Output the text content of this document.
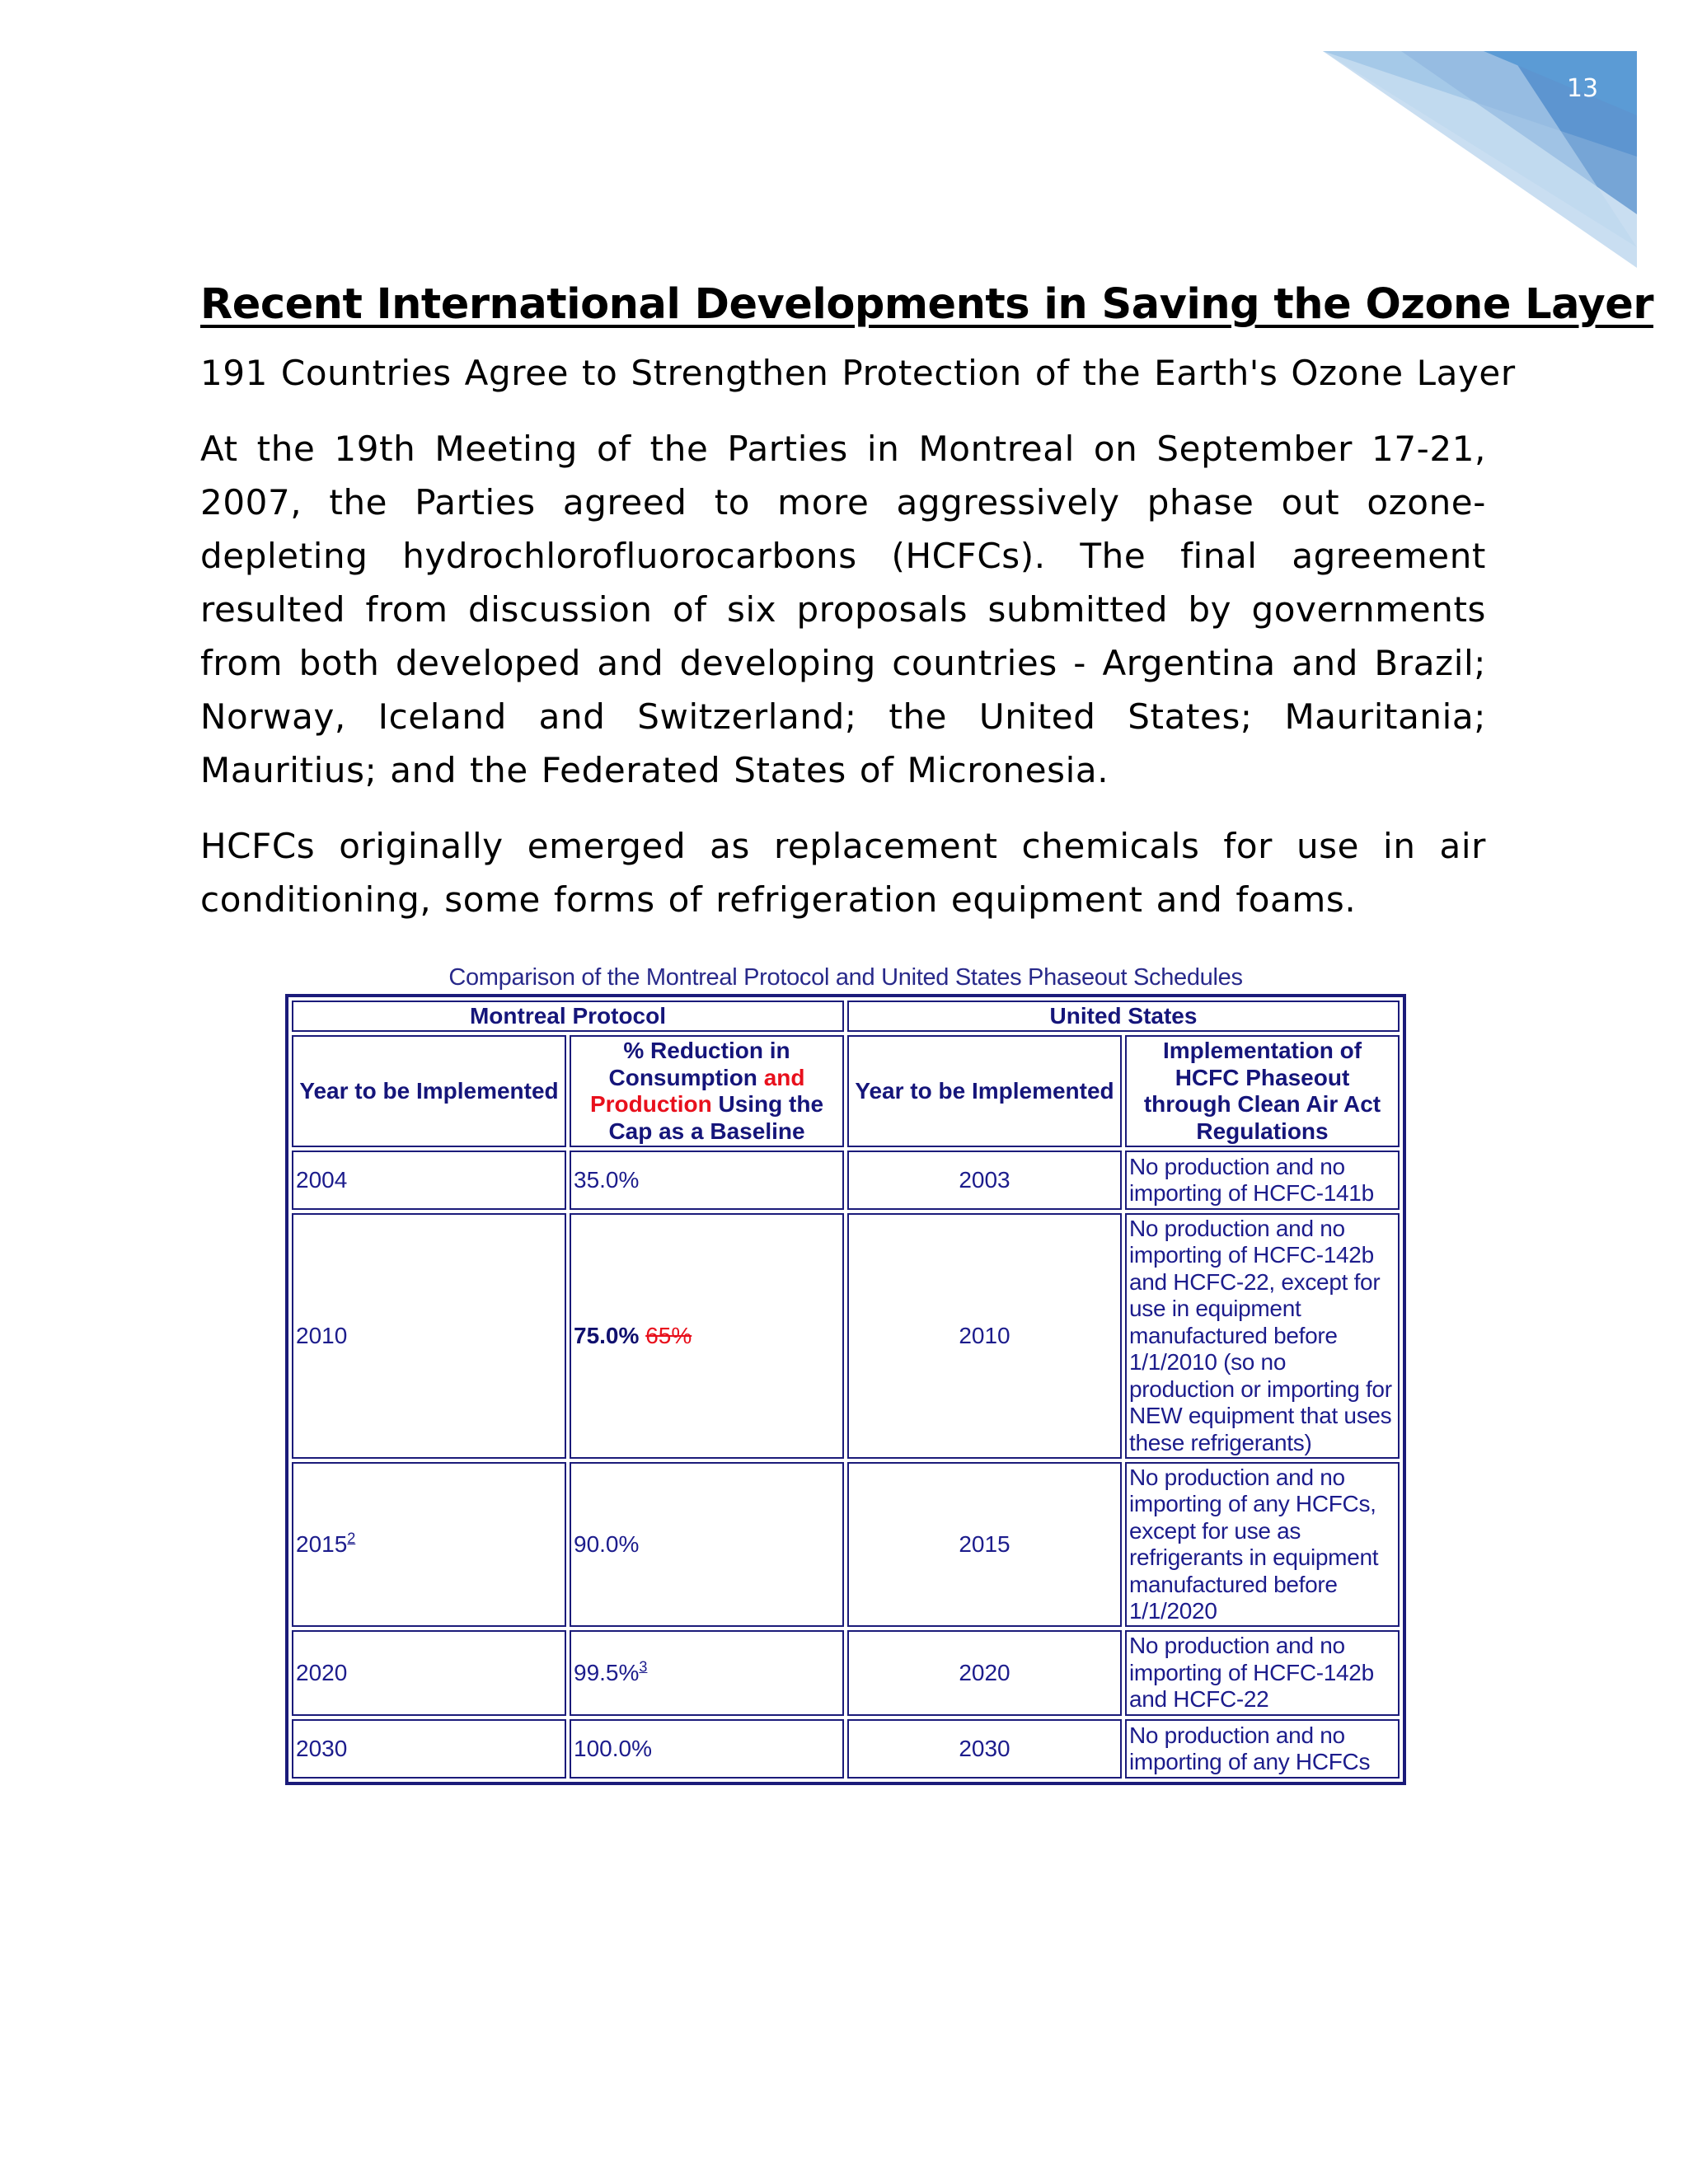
13
Recent International Developments in Saving the Ozone Layer

191 Countries Agree to Strengthen Protection of the Earth's Ozone Layer

At the 19th Meeting of the Parties in Montreal on September 17-21, 2007, the Parties agreed to more aggressively phase out ozone-depleting hydrochlorofluorocarbons (HCFCs). The final agreement resulted from discussion of six proposals submitted by governments from both developed and developing countries - Argentina and Brazil; Norway, Iceland and Switzerland; the United States; Mauritania; Mauritius; and the Federated States of Micronesia.

HCFCs originally emerged as replacement chemicals for use in air conditioning, some forms of refrigeration equipment and foams.

Comparison of the Montreal Protocol and United States Phaseout Schedules
Montreal Protocol		United States	
Year to be Implemented	% Reduction in Consumption and Production Using the Cap as a Baseline	Year to be Implemented	Implementation of HCFC Phaseout through Clean Air Act Regulations
2004	35.0%	2003	No production and no importing of HCFC-141b
2010	75.0% 65%	2010	No production and no importing of HCFC-142b and HCFC-22, except for use in equipment manufactured before 1/1/2010 (so no production or importing for NEW equipment that uses these refrigerants)
2015$^2$	90.0%	2015	No production and no importing of any HCFCs, except for use as refrigerants in equipment manufactured before 1/1/2020
2020	99.5%$^3$	2020	No production and no importing of HCFC-142b and HCFC-22
2030	100.0%	2030	No production and no importing of any HCFCs
